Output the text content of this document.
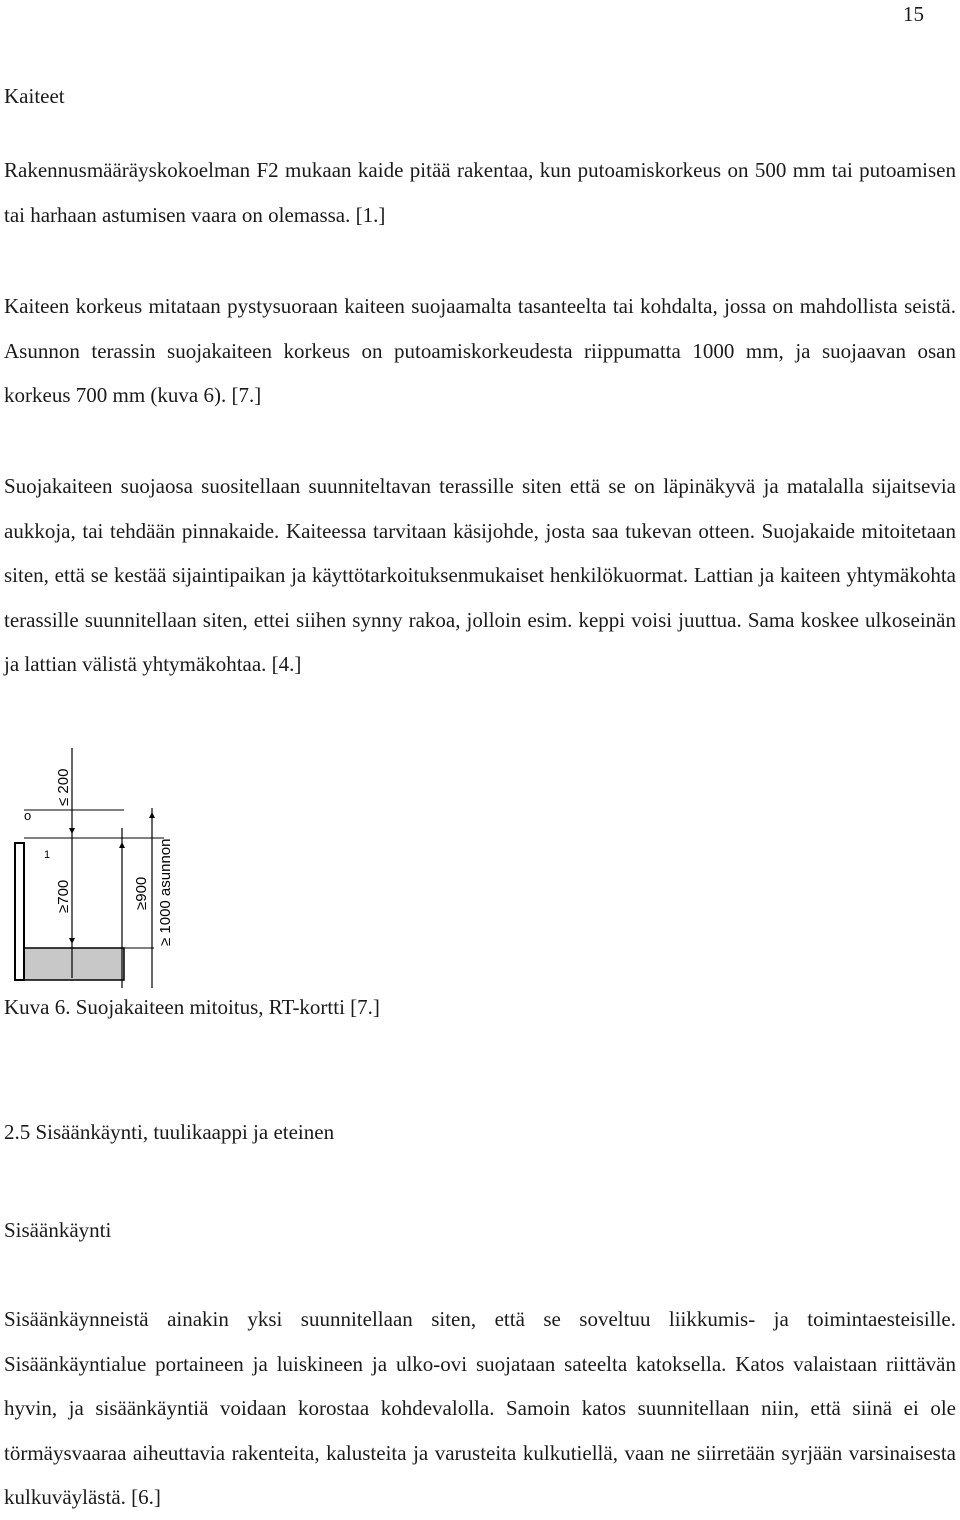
15
Kaiteet

Rakennusmääräyskokoelman F2 mukaan kaide pitää rakentaa, kun putoamiskorkeus on 500 mm tai putoamisen tai harhaan astumisen vaara on olemassa. [1.]

Kaiteen korkeus mitataan pystysuoraan kaiteen suojaamalta tasanteelta tai kohdalta, jossa on mahdollista seistä. Asunnon terassin suojakaiteen korkeus on putoamiskorkeudesta riippumatta 1000 mm, ja suojaavan osan korkeus 700 mm (kuva 6). [7.]

Suojakaiteen suojaosa suositellaan suunniteltavan terassille siten että se on läpinäkyvä ja matalalla sijaitsevia aukkoja, tai tehdään pinnakaide. Kaiteessa tarvitaan käsijohde, josta saa tukevan otteen. Suojakaide mitoitetaan siten, että se kestää sijaintipaikan ja käyttötarkoituksenmukaiset henkilökuormat. Lattian ja kaiteen yhtymäkohta terassille suunnitellaan siten, ettei siihen synny rakoa, jolloin esim. keppi voisi juuttua. Sama koskee ulkoseinän ja lattian välistä yhtymäkohtaa. [4.]

o
≤ 200
1
≥700	≥900 ≥ 1000 asunnon
Kuva 6. Suojakaiteen mitoitus, RT-kortti [7.]
2.5 Sisäänkäynti, tuulikaappi ja eteinen
Sisäänkäynti

Sisäänkäynneistä ainakin yksi suunnitellaan siten, että se soveltuu liikkumis- ja toimintaesteisille. Sisäänkäyntialue portaineen ja luiskineen ja ulko-ovi suojataan sateelta katoksella. Katos valaistaan riittävän hyvin, ja sisäänkäyntiä voidaan korostaa kohdevalolla. Samoin katos suunnitellaan niin, että siinä ei ole törmäysvaaraa aiheuttavia rakenteita, kalusteita ja varusteita kulkutiellä, vaan ne siirretään syrjään varsinaisesta kulkuväylästä. [6.]
